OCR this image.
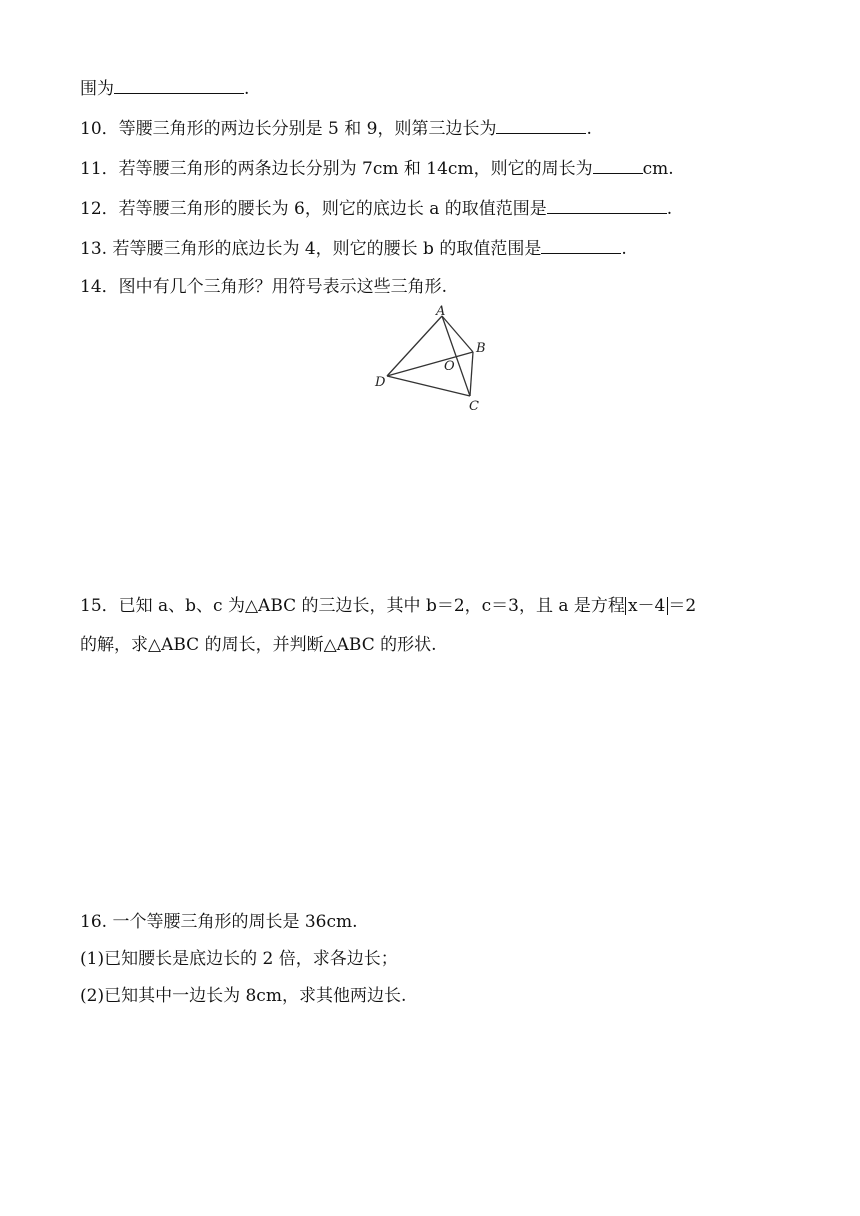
围为	.
10．等腰三角形的两边长分别是 5 和 9，则第三边长为	.
11．若等腰三角形的两条边长分别为 7cm 和 14cm，则它的周长为	cm.
12．若等腰三角形的腰长为 6，则它的底边长 a 的取值范围是	.
13. 若等腰三角形的底边长为 4，则它的腰长 b 的取值范围是	.
14．图中有几个三角形？用符号表示这些三角形.
A
B
C
D
O
15．已知 a、b、c 为△ABC 的三边长，其中 b＝2，c＝3，且 a 是方程 x－4 ＝2
的解，求△ABC 的周长，并判断△ABC 的形状.
16. 一个等腰三角形的周长是 36cm.
(1)已知腰长是底边长的 2 倍，求各边长；
(2)已知其中一边长为 8cm，求其他两边长.
